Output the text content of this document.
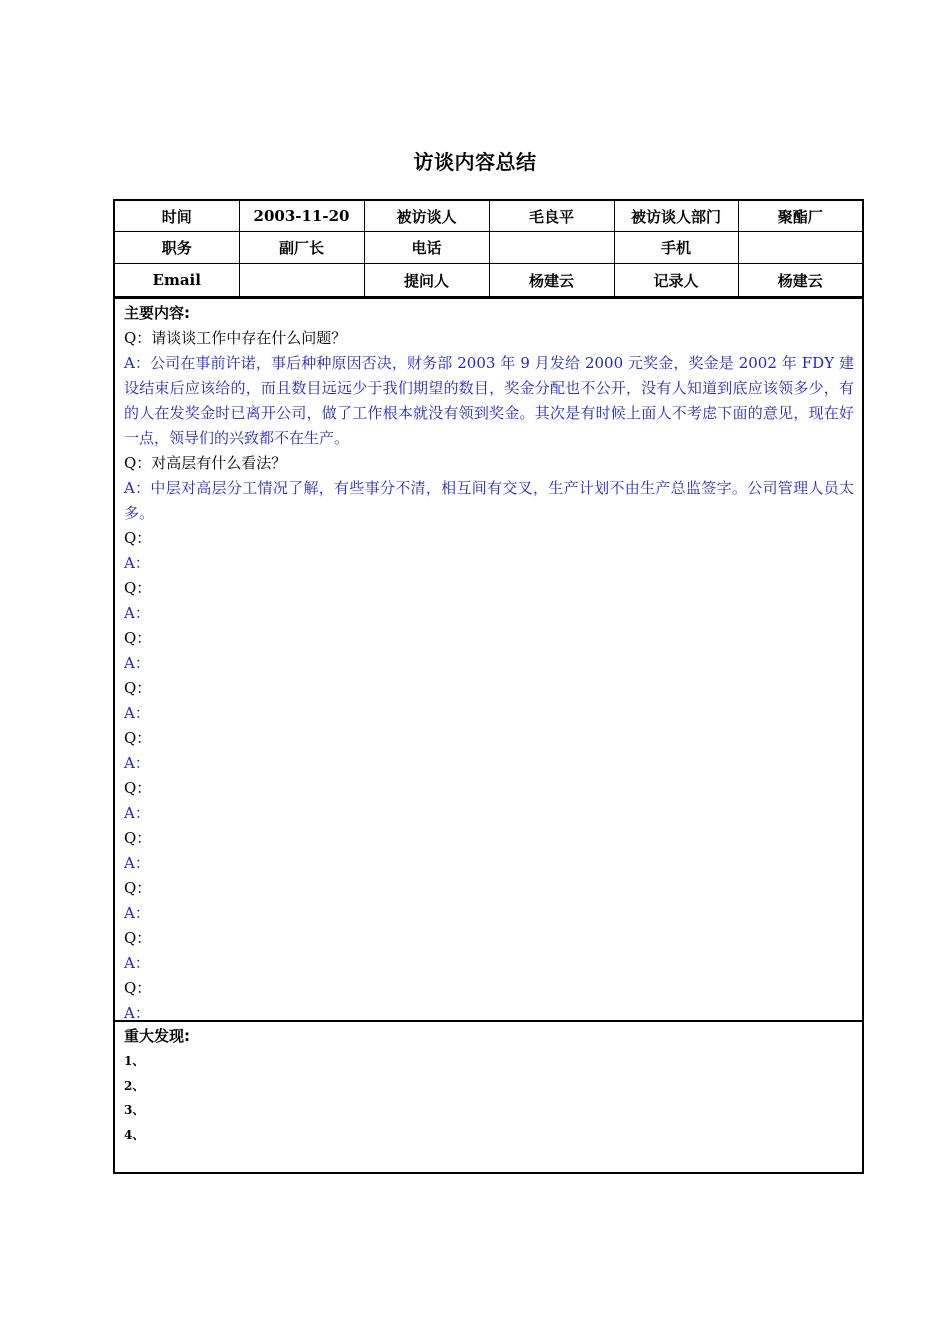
访谈内容总结
时间	2003-11-20	被访谈人	毛良平	被访谈人部门	聚酯厂
职务	副厂长	电话		手机	
Email		提问人	杨建云	记录人	杨建云
主要内容:
Q：请谈谈工作中存在什么问题？
A：公司在事前许诺，事后种种原因否决，财务部 2003 年 9 月发给 2000 元奖金，奖金是 2002 年 FDY 建设结束后应该给的，而且数目远远少于我们期望的数目，奖金分配也不公开，没有人知道到底应该领多少，有的人在发奖金时已离开公司，做了工作根本就没有领到奖金。其次是有时候上面人不考虑下面的意见，现在好一点，领导们的兴致都不在生产。
Q：对高层有什么看法？
A：中层对高层分工情况了解，有些事分不清，相互间有交叉，生产计划不由生产总监签字。公司管理人员太多。
Q：
A：
Q：
A：
Q：
A：
Q：
A：
Q：
A：
Q：
A：
Q：
A：
Q：
A：
Q：
A：
Q：
A：
重大发现:
1、
2、
3、
4、
